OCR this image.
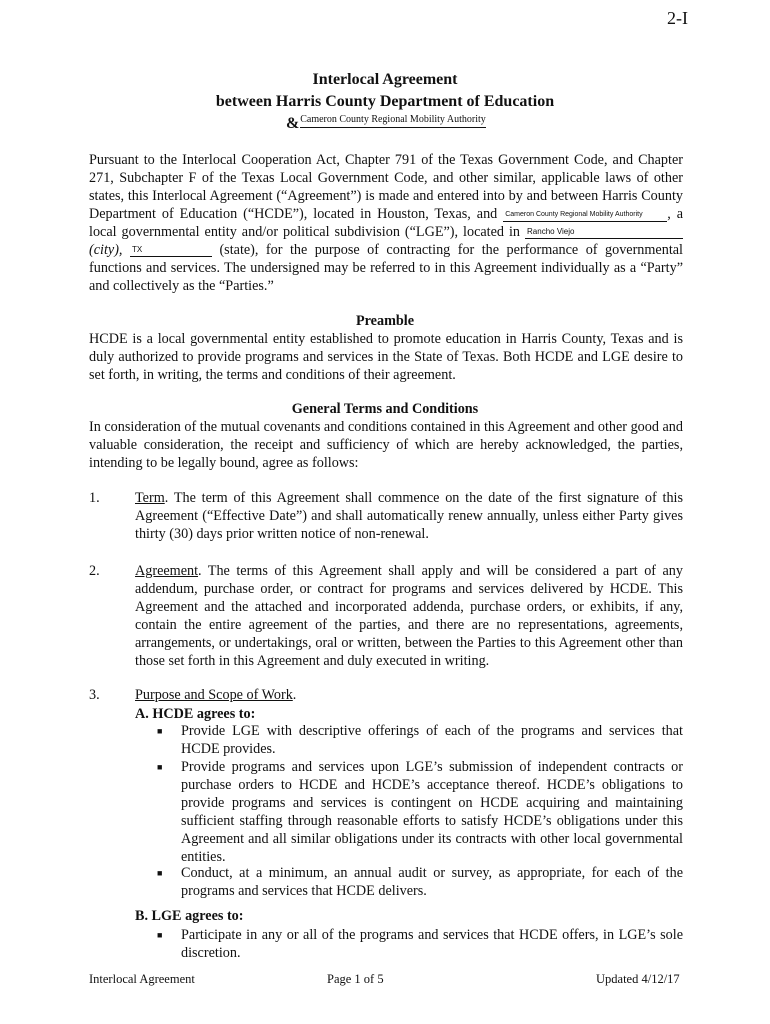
2-I
Interlocal Agreement
between Harris County Department of Education
& Cameron County Regional Mobility Authority
Pursuant to the Interlocal Cooperation Act, Chapter 791 of the Texas Government Code, and Chapter 271, Subchapter F of the Texas Local Government Code, and other similar, applicable laws of other states, this Interlocal Agreement (“Agreement”) is made and entered into by and between Harris County Department of Education (“HCDE”), located in Houston, Texas, and Cameron County Regional Mobility Authority , a local governmental entity and/or political subdivision (“LGE”), located in Rancho Viejo (city), TX	(state), for the purpose of contracting for the performance of governmental functions and services. The undersigned may be referred to in this Agreement individually as a “Party” and collectively as the “Parties.”
Preamble
HCDE is a local governmental entity established to promote education in Harris County, Texas and is duly authorized to provide programs and services in the State of Texas. Both HCDE and LGE desire to set forth, in writing, the terms and conditions of their agreement.
General Terms and Conditions
In consideration of the mutual covenants and conditions contained in this Agreement and other good and valuable consideration, the receipt and sufficiency of which are hereby acknowledged, the parties, intending to be legally bound, agree as follows:
1. Term. The term of this Agreement shall commence on the date of the first signature of this Agreement (“Effective Date”) and shall automatically renew annually, unless either Party gives thirty (30) days prior written notice of non-renewal.
2. Agreement. The terms of this Agreement shall apply and will be considered a part of any addendum, purchase order, or contract for programs and services delivered by HCDE. This Agreement and the attached and incorporated addenda, purchase orders, or exhibits, if any, contain the entire agreement of the parties, and there are no representations, agreements, arrangements, or undertakings, oral or written, between the Parties to this Agreement other than those set forth in this Agreement and duly executed in writing.
3. Purpose and Scope of Work.
A. HCDE agrees to:
■ Provide LGE with descriptive offerings of each of the programs and services that HCDE provides.
■ Provide programs and services upon LGE’s submission of independent contracts or purchase orders to HCDE and HCDE’s acceptance thereof. HCDE’s obligations to provide programs and services is contingent on HCDE acquiring and maintaining sufficient staffing through reasonable efforts to satisfy HCDE’s obligations under this Agreement and all similar obligations under its contracts with other local governmental entities.
■ Conduct, at a minimum, an annual audit or survey, as appropriate, for each of the programs and services that HCDE delivers.
B. LGE agrees to:
■ Participate in any or all of the programs and services that HCDE offers, in LGE’s sole discretion.
Interlocal Agreement	Page 1 of 5	Updated 4/12/17
